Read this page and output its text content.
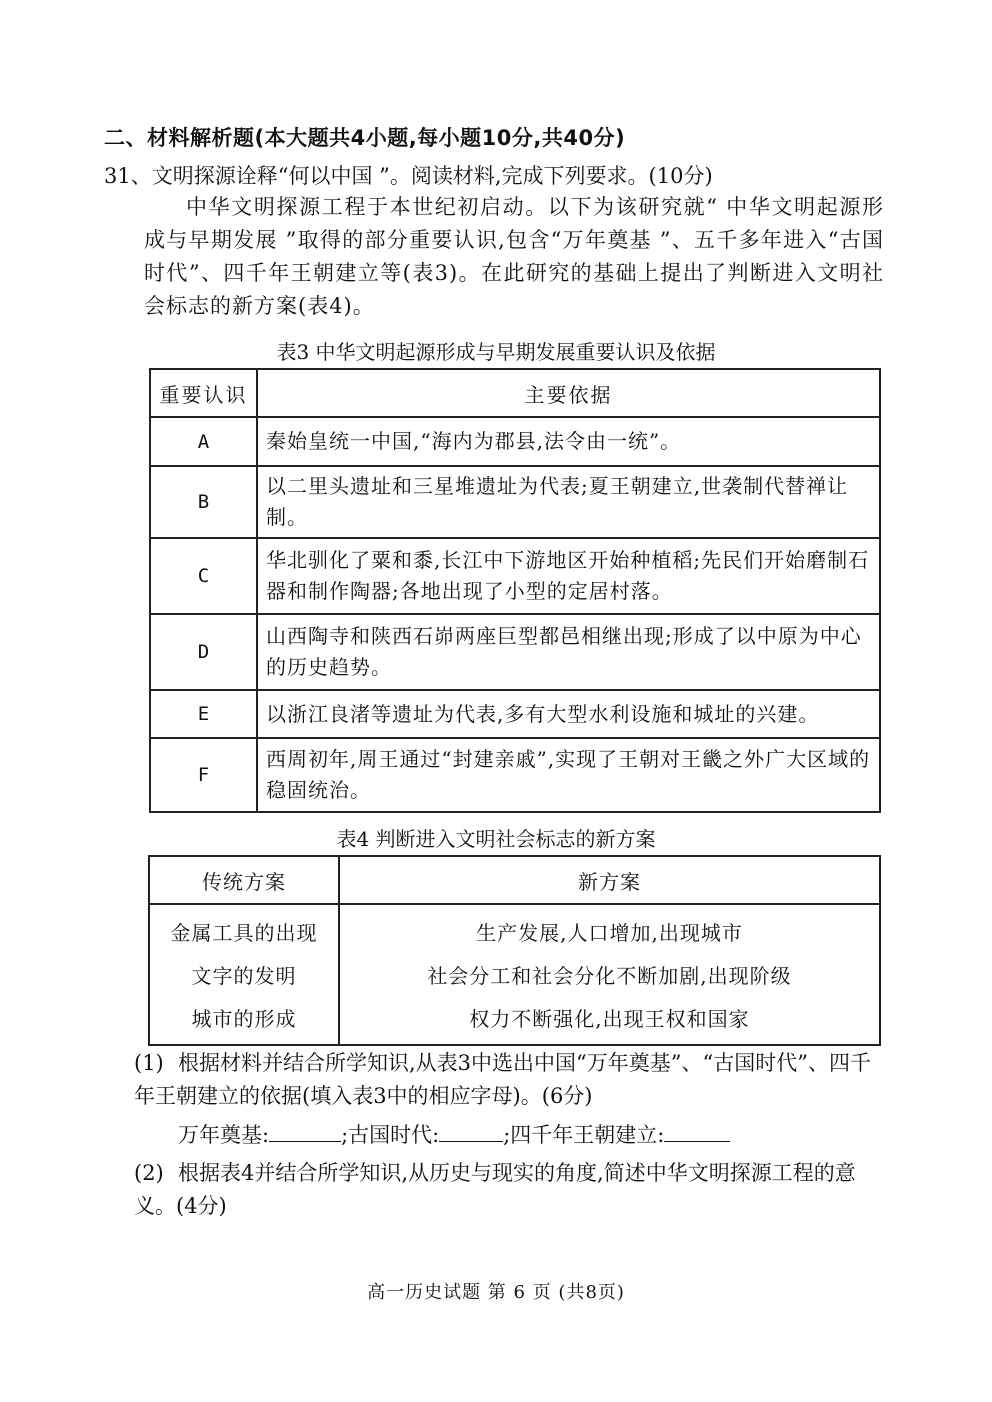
二、材料解析题(本大题共4小题,每小题10分,共40分)
31、文明探源诠释“何以中国 ”。阅读材料,完成下列要求。(10分)
中华文明探源工程于本世纪初启动。以下为该研究就“ 中华文明起源形成与早期发展 ”取得的部分重要认识,包含“万年奠基 ”、五千多年进入“古国时代”、四千年王朝建立等(表3)。在此研究的基础上提出了判断进入文明社会标志的新方案(表4)。
表3 中华文明起源形成与早期发展重要认识及依据
重要认识	主要依据
A	秦始皇统一中国,“海内为郡县,法令由一统”。
B	以二里头遗址和三星堆遗址为代表;夏王朝建立,世袭制代替禅让制。
C	华北驯化了粟和黍,长江中下游地区开始种植稻;先民们开始磨制石器和制作陶器;各地出现了小型的定居村落。
D	山西陶寺和陕西石峁两座巨型都邑相继出现;形成了以中原为中心的历史趋势。
E	以浙江良渚等遗址为代表,多有大型水利设施和城址的兴建。
F	西周初年,周王通过“封建亲戚”,实现了王朝对王畿之外广大区域的稳固统治。
表4 判断进入文明社会标志的新方案
传统方案	新方案
金属工具的出现	生产发展,人口增加,出现城市
文字的发明	社会分工和社会分化不断加剧,出现阶级
城市的形成	权力不断强化,出现王权和国家
(1) 根据材料并结合所学知识,从表3中选出中国“万年奠基”、“古国时代”、四千年王朝建立的依据(填入表3中的相应字母)。(6分)
万年奠基:	;古国时代:	;四千年王朝建立:
(2) 根据表4并结合所学知识,从历史与现实的角度,简述中华文明探源工程的意义。(4分)
高一历史试题 第 6 页 (共8页)
